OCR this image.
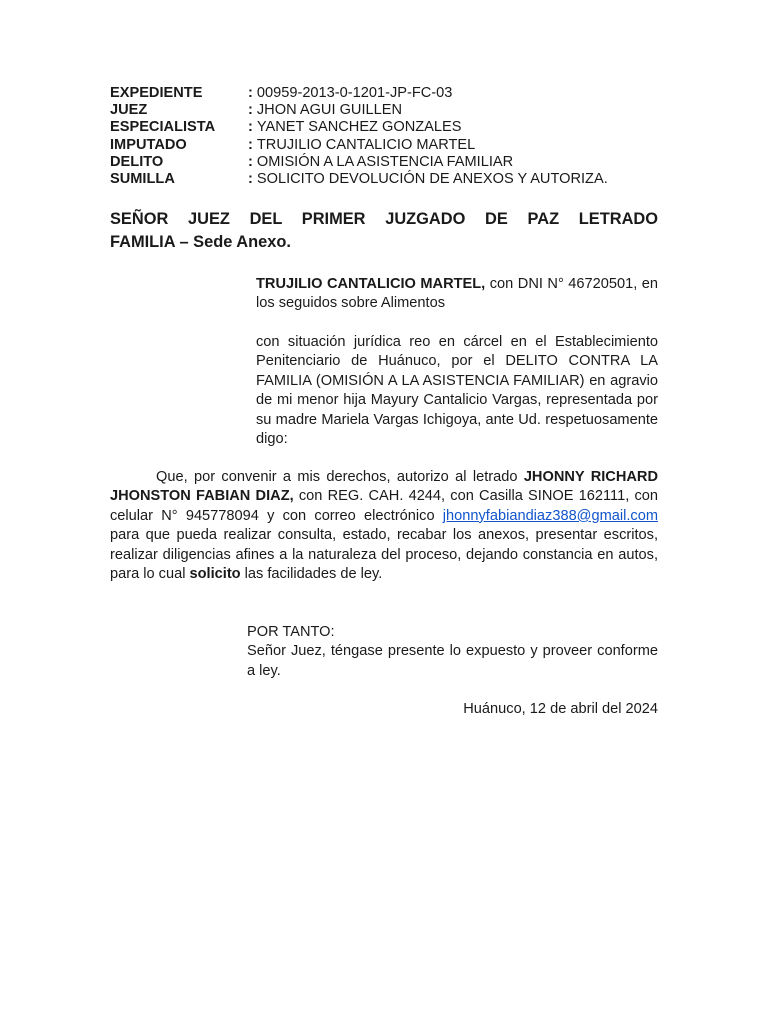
EXPEDIENTE	: 00959-2013-0-1201-JP-FC-03
JUEZ	: JHON AGUI GUILLEN
ESPECIALISTA	: YANET SANCHEZ GONZALES
IMPUTADO	: TRUJILIO CANTALICIO MARTEL
DELITO	: OMISIÓN A LA ASISTENCIA FAMILIAR
SUMILLA	: SOLICITO DEVOLUCIÓN DE ANEXOS Y AUTORIZA.
SEÑOR JUEZ DEL PRIMER JUZGADO DE PAZ LETRADO
FAMILIA – Sede Anexo.
TRUJILIO CANTALICIO MARTEL, con DNI N° 46720501, en los seguidos sobre Alimentos
con situación jurídica reo en cárcel en el Establecimiento Penitenciario de Huánuco, por el DELITO CONTRA LA FAMILIA (OMISIÓN A LA ASISTENCIA FAMILIAR) en agravio de mi menor hija Mayury Cantalicio Vargas, representada por su madre Mariela Vargas Ichigoya, ante Ud. respetuosamente digo:
Que, por convenir a mis derechos, autorizo al letrado JHONNY RICHARD JHONSTON FABIAN DIAZ, con REG. CAH. 4244, con Casilla SINOE 162111, con celular N° 945778094 y con correo electrónico jhonnyfabiandiaz388@gmail.com para que pueda realizar consulta, estado, recabar los anexos, presentar escritos, realizar diligencias afines a la naturaleza del proceso, dejando constancia en autos, para lo cual solicito las facilidades de ley.
POR TANTO:
Señor Juez, téngase presente lo expuesto y proveer conforme a ley.
Huánuco, 12 de abril del 2024
